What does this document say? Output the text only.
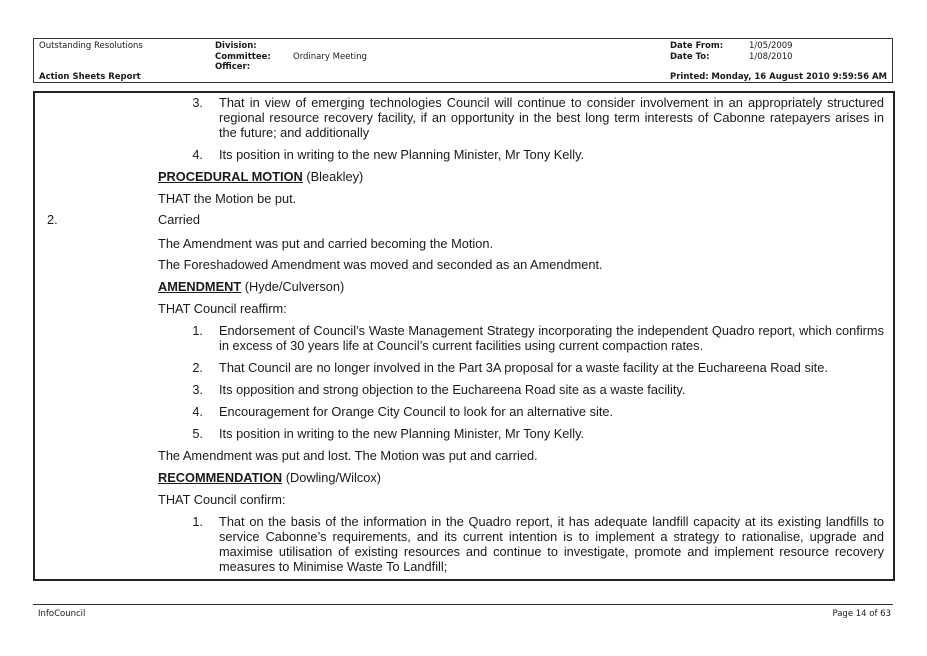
Outstanding Resolutions
Action Sheets Report
Division:
Committee:	Ordinary Meeting
Officer:
Date From:	1/05/2009
Date To:	1/08/2010
Printed: Monday, 16 August 2010 9:59:56 AM
3. That in view of emerging technologies Council will continue to consider involvement in an appropriately structured regional resource recovery facility, if an opportunity in the best long term interests of Cabonne ratepayers arises in the future; and additionally
4. Its position in writing to the new Planning Minister, Mr Tony Kelly.
PROCEDURAL MOTION (Bleakley)
THAT the Motion be put.
2.	Carried
The Amendment was put and carried becoming the Motion.
The Foreshadowed Amendment was moved and seconded as an Amendment.
AMENDMENT (Hyde/Culverson)
THAT Council reaffirm:
1. Endorsement of Council’s Waste Management Strategy incorporating the independent Quadro report, which confirms in excess of 30 years life at Council’s current facilities using current compaction rates.
2. That Council are no longer involved in the Part 3A proposal for a waste facility at the Euchareena Road site.
3. Its opposition and strong objection to the Euchareena Road site as a waste facility.
4. Encouragement for Orange City Council to look for an alternative site.
5. Its position in writing to the new Planning Minister, Mr Tony Kelly.
The Amendment was put and lost. The Motion was put and carried.
RECOMMENDATION (Dowling/Wilcox)
THAT Council confirm:
1. That on the basis of the information in the Quadro report, it has adequate landfill capacity at its existing landfills to service Cabonne’s requirements, and its current intention is to implement a strategy to rationalise, upgrade and maximise utilisation of existing resources and continue to investigate, promote and implement resource recovery measures to Minimise Waste To Landfill;
InfoCouncil	Page 14 of 63
